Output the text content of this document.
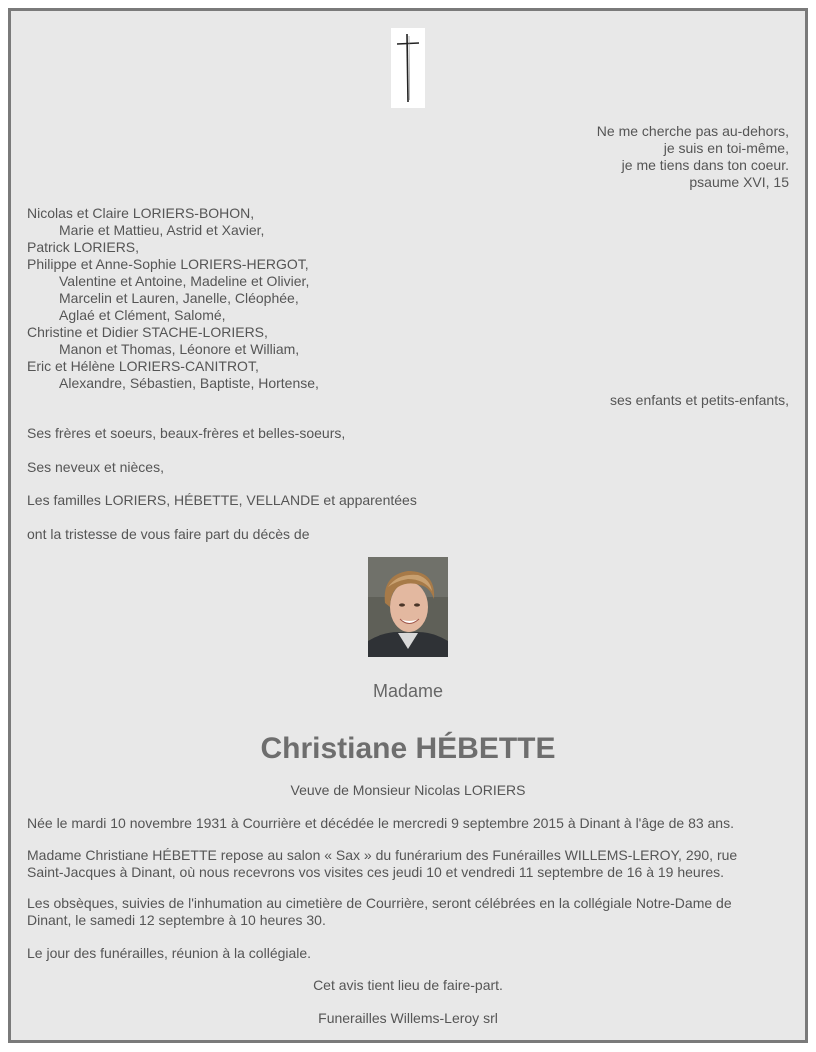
Ne me cherche pas au-dehors,
je suis en toi-même,
je me tiens dans ton coeur.
psaume XVI, 15
Nicolas et Claire LORIERS-BOHON,
Marie et Mattieu, Astrid et Xavier,
Patrick LORIERS,
Philippe et Anne-Sophie LORIERS-HERGOT,
Valentine et Antoine, Madeline et Olivier,
Marcelin et Lauren, Janelle, Cléophée,
Aglaé et Clément, Salomé,
Christine et Didier STACHE-LORIERS,
Manon et Thomas, Léonore et William,
Eric et Hélène LORIERS-CANITROT,
Alexandre, Sébastien, Baptiste, Hortense,
ses enfants et petits-enfants,
Ses frères et soeurs, beaux-frères et belles-soeurs,
Ses neveux et nièces,
Les familles LORIERS, HÉBETTE, VELLANDE et apparentées
ont la tristesse de vous faire part du décès de
Madame
Christiane HÉBETTE
Veuve de Monsieur Nicolas LORIERS
Née le mardi 10 novembre 1931 à Courrière et décédée le mercredi 9 septembre 2015 à Dinant à l'âge de 83 ans.
Madame Christiane HÉBETTE repose au salon « Sax » du funérarium des Funérailles WILLEMS-LEROY, 290, rue
Saint-Jacques à Dinant, où nous recevrons vos visites ces jeudi 10 et vendredi 11 septembre de 16 à 19 heures.
Les obsèques, suivies de l'inhumation au cimetière de Courrière, seront célébrées en la collégiale Notre-Dame de
Dinant, le samedi 12 septembre à 10 heures 30.
Le jour des funérailles, réunion à la collégiale.
Cet avis tient lieu de faire-part.
Funerailles Willems-Leroy srl
